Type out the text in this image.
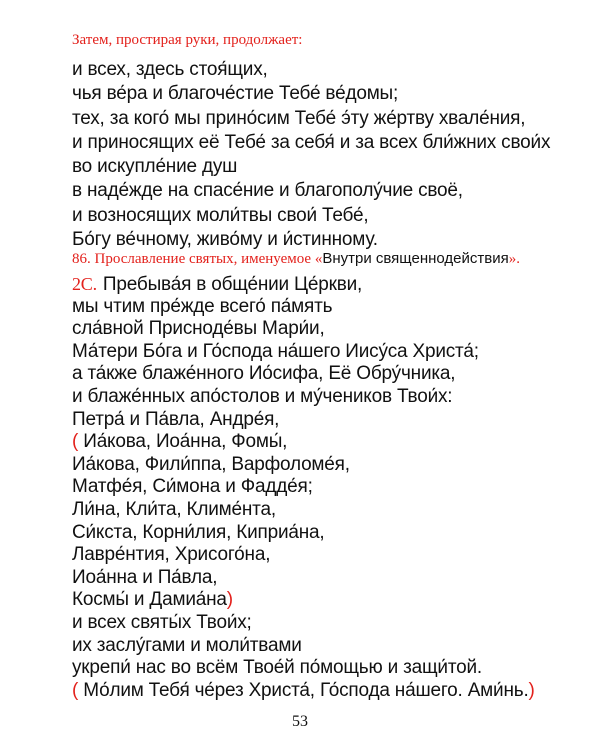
Затем, простирая руки, продолжает:
и всех, здесь стоя́щих,
чья ве́ра и благоче́стие Тебе́ ве́домы;
тех, за кого́ мы прино́сим Тебе́ э́ту же́ртву хвале́ния,
и приносящих её Тебе́ за себя́ и за всех бли́жних свои́х
во искупле́ние душ
в наде́жде на спасе́ние и благополу́чие своё,
и возносящих моли́твы свои́ Тебе́,
Бо́гу ве́чному, живо́му и и́стинному.
86. Прославление святых, именуемое «Внутри священнодействия».
2С. Пребыва́я в обще́нии Це́ркви,
мы чтим пре́жде всего́ па́мять
сла́вной Присноде́вы Мари́и,
Ма́тери Бо́га и Го́спода на́шего Иису́са Христа́;
а та́кже блаже́нного Ио́сифа, Её Обру́чника,
и блаже́нных апо́столов и му́чеников Твои́х:
Петра́ и Па́вла, Андре́я,
( Иа́кова, Иоа́нна, Фомы́,
Иа́кова, Фили́ппа, Варфоломе́я,
Матфе́я, Си́мона и Фадде́я;
Ли́на, Кли́та, Климе́нта,
Си́кста, Корни́лия, Киприа́на,
Лавре́нтия, Хрисого́на,
Иоа́нна и Па́вла,
Космы́ и Дамиа́на)
и всех святы́х Твои́х;
их заслу́гами и моли́твами
укрепи́ нас во всём Твое́й по́мощью и защи́той.
( Мо́лим Тебя́ че́рез Христа́, Го́спода на́шего. Ами́нь.)
53
